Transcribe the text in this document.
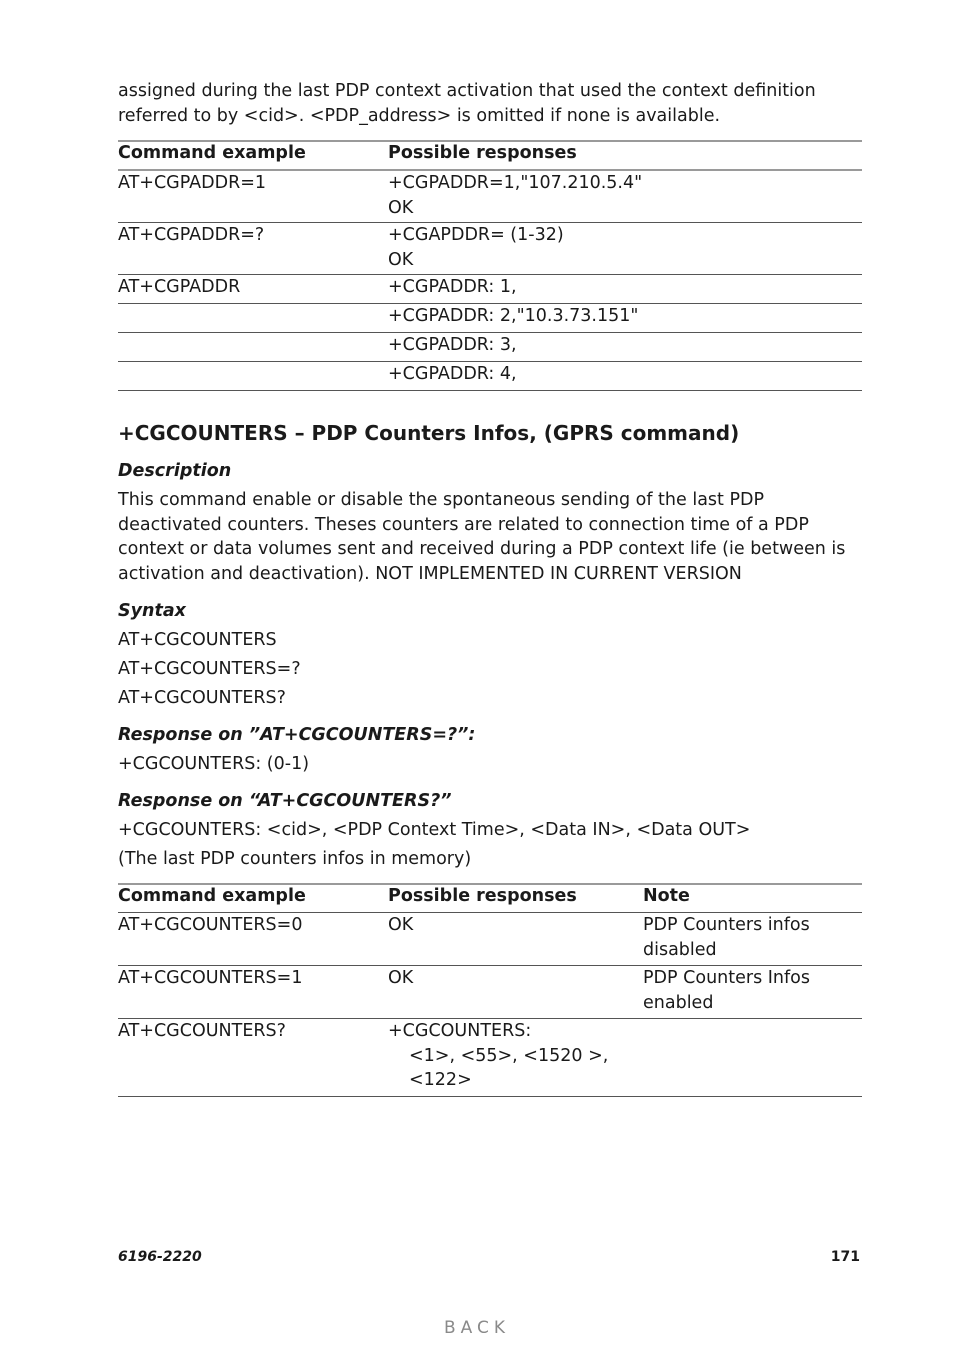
assigned during the last PDP context activation that used the context definition referred to by <cid>. <PDP_address> is omitted if none is available.

Command example	Possible responses
AT+CGPADDR=1	+CGPADDR=1,"107.210.5.4"
OK

AT+CGPADDR=?	+CGAPDDR= (1-32)
OK

AT+CGPADDR	+CGPADDR: 1,
	+CGPADDR: 2,"10.3.73.151"
	+CGPADDR: 3,
	+CGPADDR: 4,
+CGCOUNTERS – PDP Counters Infos, (GPRS command)
Description

This command enable or disable the spontaneous sending of the last PDP deactivated counters. Theses counters are related to connection time of a PDP context or data volumes sent and received during a PDP context life (ie between is activation and deactivation). NOT IMPLEMENTED IN CURRENT VERSION

Syntax
AT+CGCOUNTERS
AT+CGCOUNTERS=?
AT+CGCOUNTERS?
Response on ”AT+CGCOUNTERS=?”:
+CGCOUNTERS: (0-1)
Response on “AT+CGCOUNTERS?”
+CGCOUNTERS: <cid>, <PDP Context Time>, <Data IN>, <Data OUT>
(The last PDP counters infos in memory)
Command example	Possible responses	Note
AT+CGCOUNTERS=0	OK	PDP Counters infos disabled
AT+CGCOUNTERS=1	OK	PDP Counters Infos enabled
AT+CGCOUNTERS?	+CGCOUNTERS:
<1>, <55>, <1520 >,
<122>	

6196-2220	171
BACK
